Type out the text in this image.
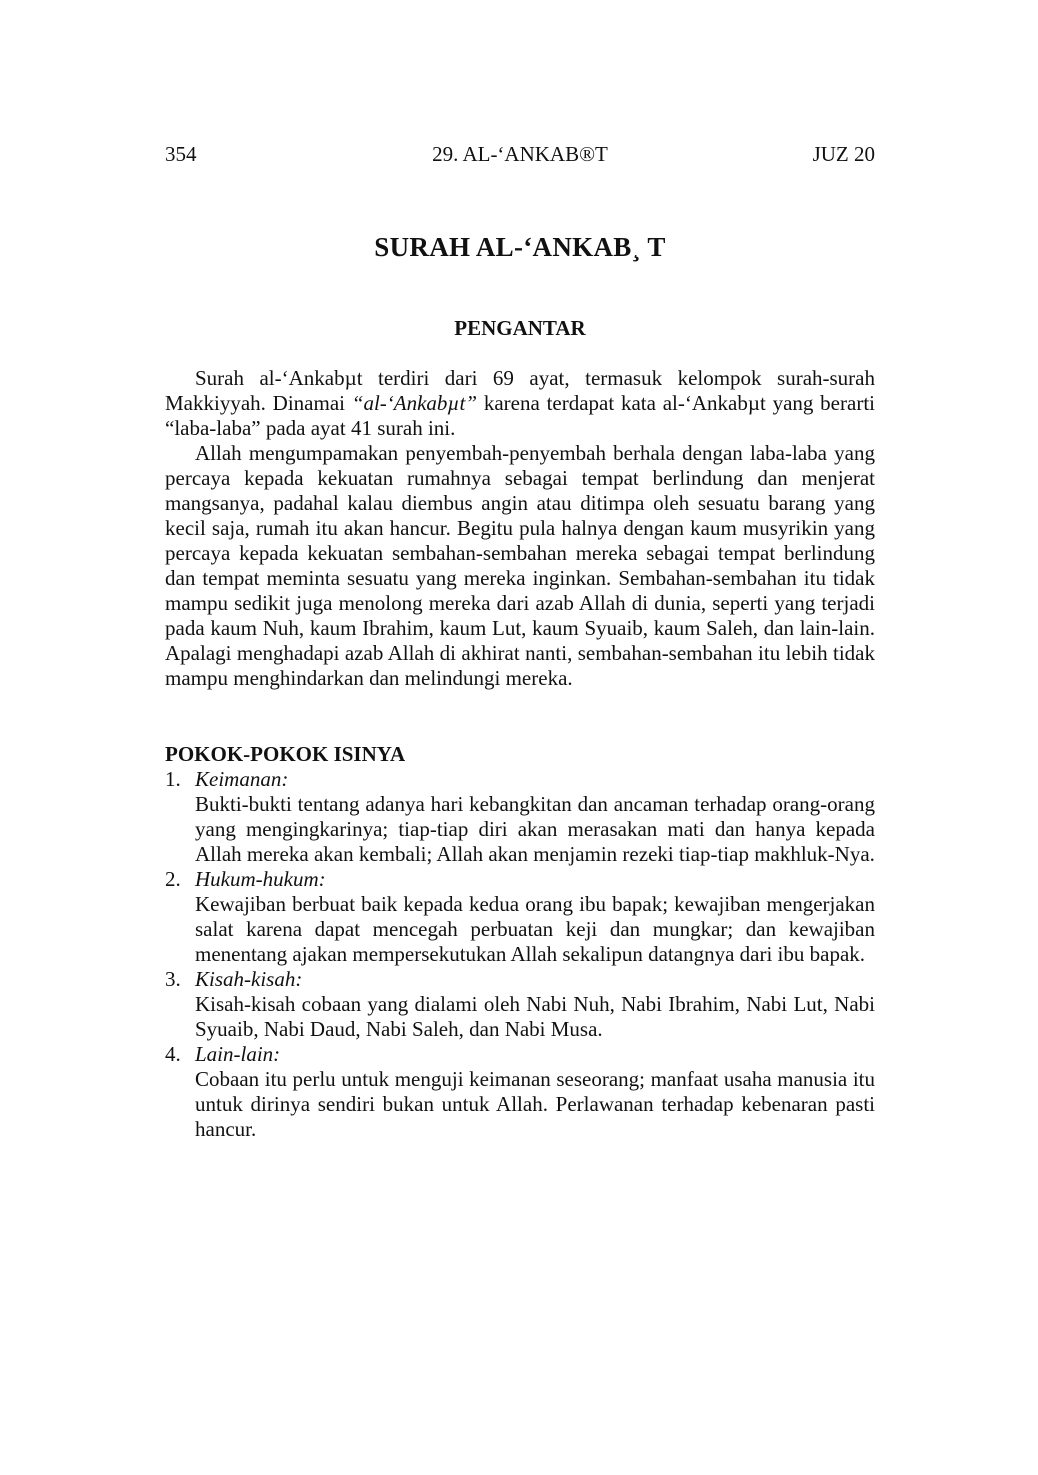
354	29. AL-‘ANKAB®T	JUZ 20
SURAH AL-‘ANKAB¸ T
PENGANTAR

Surah al-‘Ankabµt terdiri dari 69 ayat, termasuk kelompok surah-surah Makkiyyah. Dinamai “al-‘Ankabµt” karena terdapat kata al-‘Ankabµt yang berarti “laba-laba” pada ayat 41 surah ini.

Allah mengumpamakan penyembah-penyembah berhala dengan laba-laba yang percaya kepada kekuatan rumahnya sebagai tempat berlindung dan menjerat mangsanya, padahal kalau diembus angin atau ditimpa oleh sesuatu barang yang kecil saja, rumah itu akan hancur. Begitu pula halnya dengan kaum musyrikin yang percaya kepada kekuatan sembahan-sembahan mereka sebagai tempat berlindung dan tempat meminta sesuatu yang mereka inginkan. Sembahan-sembahan itu tidak mampu sedikit juga menolong mereka dari azab Allah di dunia, seperti yang terjadi pada kaum Nuh, kaum Ibrahim, kaum Lut, kaum Syuaib, kaum Saleh, dan lain-lain. Apalagi menghadapi azab Allah di akhirat nanti, sembahan-sembahan itu lebih tidak mampu menghindarkan dan melindungi mereka.

POKOK-POKOK ISINYA
1. Keimanan:

Bukti-bukti tentang adanya hari kebangkitan dan ancaman terhadap orang-orang yang mengingkarinya; tiap-tiap diri akan merasakan mati dan hanya kepada Allah mereka akan kembali; Allah akan menjamin rezeki tiap-tiap makhluk-Nya.

2. Hukum-hukum:

Kewajiban berbuat baik kepada kedua orang ibu bapak; kewajiban mengerjakan salat karena dapat mencegah perbuatan keji dan mungkar; dan kewajiban menentang ajakan mempersekutukan Allah sekalipun datangnya dari ibu bapak.

3. Kisah-kisah:

Kisah-kisah cobaan yang dialami oleh Nabi Nuh, Nabi Ibrahim, Nabi Lut, Nabi Syuaib, Nabi Daud, Nabi Saleh, dan Nabi Musa.

4. Lain-lain:

Cobaan itu perlu untuk menguji keimanan seseorang; manfaat usaha manusia itu untuk dirinya sendiri bukan untuk Allah. Perlawanan terhadap kebenaran pasti hancur.
